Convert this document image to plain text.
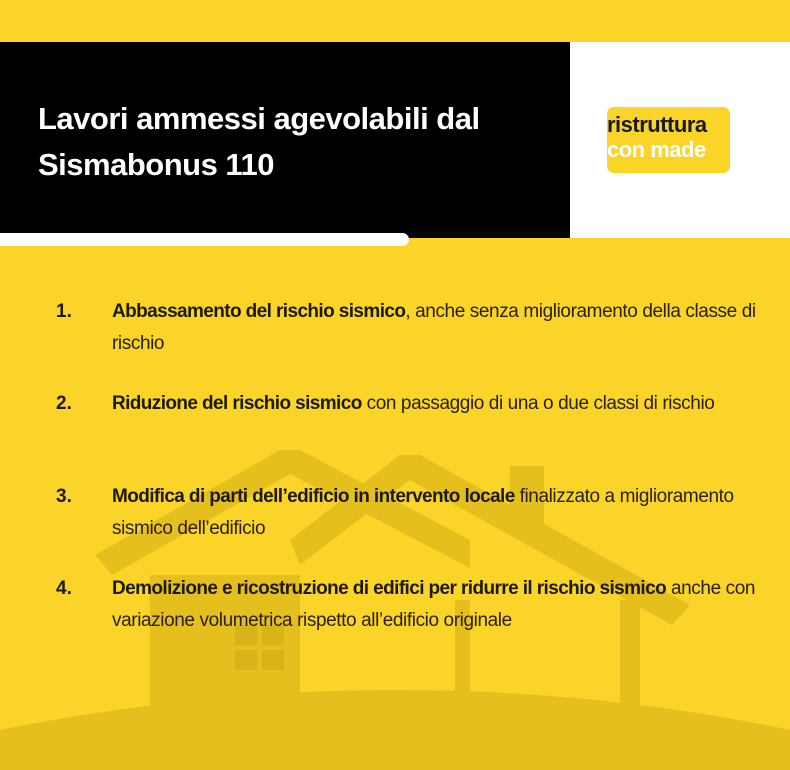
Lavori ammessi agevolabili dal
Sismabonus 110
ristruttura
con made.it
1. Abbassamento del rischio sismico, anche senza miglioramento della classe di rischio
2. Riduzione del rischio sismico con passaggio di una o due classi di rischio
3. Modifica di parti dell’edificio in intervento locale finalizzato a miglioramento sismico dell’edificio
4. Demolizione e ricostruzione di edifici per ridurre il rischio sismico anche con variazione volumetrica rispetto all’edificio originale
